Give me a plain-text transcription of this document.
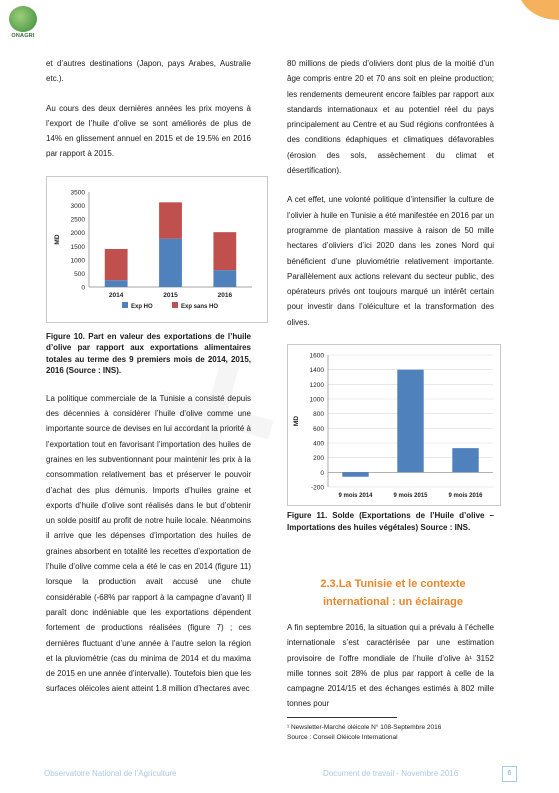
ONAGRI

et d’autres destinations (Japon, pays Arabes, Australie etc.).

Au cours des deux dernières années les prix moyens à l’export de l’huile d’olive se sont améliorés de plus de 14% en glissement annuel en 2015 et de 19.5% en 2016 par rapport à 2015.

0
500
1000
1500
2000
2500
3000
3500
MD
2014	2015	2016
Exp HO	Exp sans HO
Figure 10. Part en valeur des exportations de l’huile d’olive par rapport aux exportations alimentaires totales au terme des 9 premiers mois de 2014, 2015, 2016 (Source : INS).

La politique commerciale de la Tunisie a consisté depuis des décennies à considérer l’huile d’olive comme une importante source de devises en lui accordant la priorité à l’exportation tout en favorisant l’importation des huiles de graines en les subventionnant pour maintenir les prix à la consommation relativement bas et préserver le pouvoir d’achat des plus démunis. Imports d’huiles graine et exports d’huile d’olive sont réalisés dans le but d’obtenir un solde positif au profit de notre huile locale. Néanmoins il arrive que les dépenses d’importation des huiles de graines absorbent en totalité les recettes d’exportation de l’huile d’olive comme cela a été le cas en 2014 (figure 11) lorsque la production avait accusé une chute considérable (-68% par rapport à la campagne d’avant) Il paraît donc indéniable que les exportations dépendent fortement de productions réalisées (figure 7) ; ces dernières fluctuant d’une année à l’autre selon la région et la pluviométrie (cas du minima de 2014 et du maxima de 2015 en une année d’intervalle). Toutefois bien que les surfaces oléicoles aient atteint 1.8 million d’hectares avec

80 millions de pieds d’oliviers dont plus de la moitié d’un âge compris entre 20 et 70 ans soit en pleine production; les rendements demeurent encore faibles par rapport aux standards internationaux et au potentiel réel du pays principalement au Centre et au Sud régions confrontées à des conditions édaphiques et climatiques défavorables (érosion des sols, assèchement du climat et désertification).

A cet effet, une volonté politique d’intensifier la culture de l’olivier à huile en Tunisie a été manifestée en 2016 par un programme de plantation massive à raison de 50 mille hectares d’oliviers d’ici 2020 dans les zones Nord qui bénéficient d’une pluviométrie relativement importante. Parallèlement aux actions relevant du secteur public, des opérateurs privés ont toujours marqué un intérêt certain pour investir dans l’oléiculture et la transformation des olives.

-200
0
200
400
600
800
1000
1200
1400
1600
MD
9 mois 2014	9 mois 2015	9 mois 2016
Figure 11. Solde (Exportations de l’Huile d’olive – Importations des huiles végétales) Source : INS.
2.3.La Tunisie et le contexte international : un éclairage

A fin septembre 2016, la situation qui a prévalu à l’échelle internationale s’est caractérisée par une estimation provisoire de l’offre mondiale de l’huile d’olive à¹ 3152 mille tonnes soit 28% de plus par rapport à celle de la campagne 2014/15 et des échanges estimés à 802 mille tonnes pour

¹ Newsletter-Marché oléicole N° 108-Septembre 2016
Source : Conseil Oléicole International
Observatoire National de l’Agriculture	Document de travail - Novembre 2016	6
